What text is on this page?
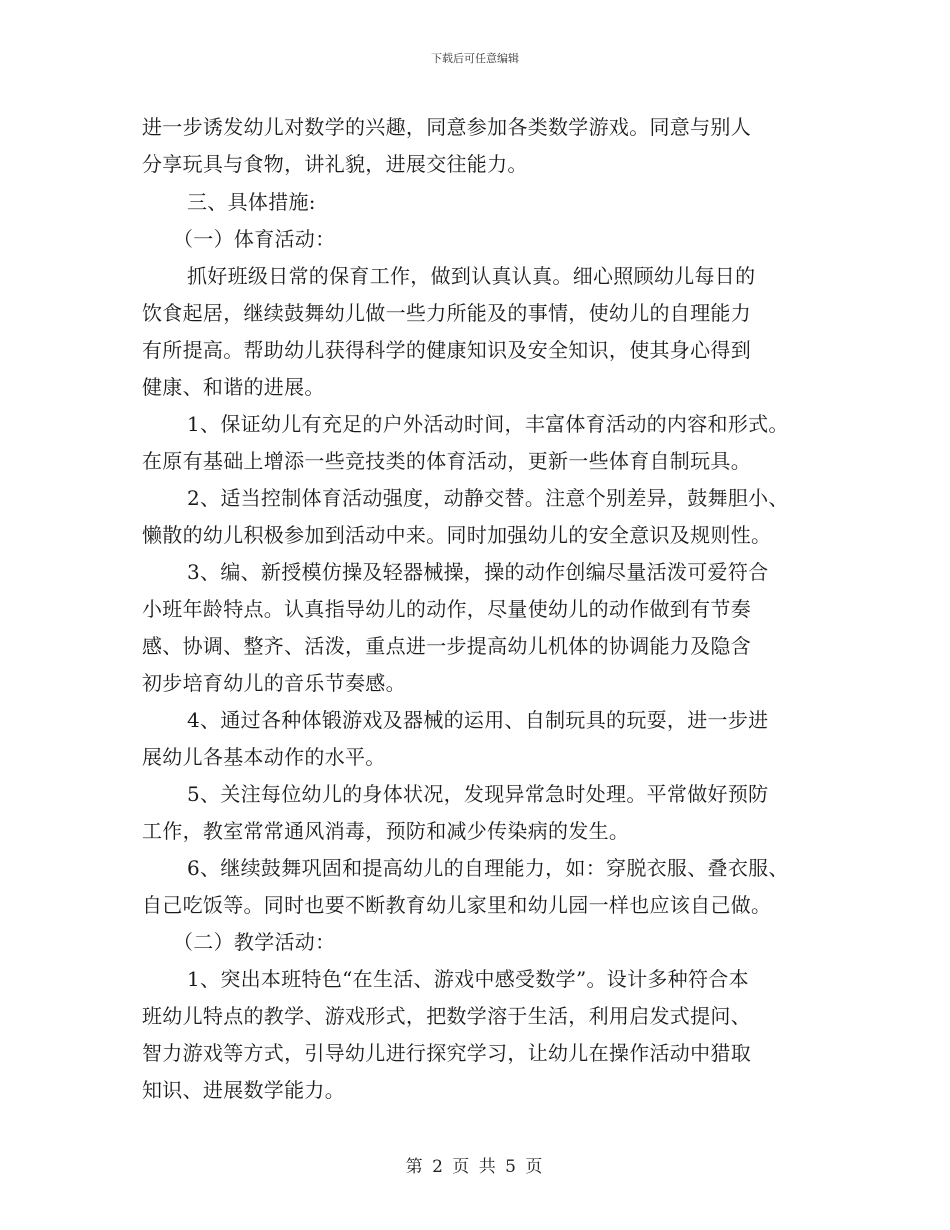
下载后可任意编辑
进一步诱发幼儿对数学的兴趣，同意参加各类数学游戏。同意与别人
分享玩具与食物，讲礼貌，进展交往能力。
三、具体措施:
（一）体育活动：
抓好班级日常的保育工作，做到认真认真。细心照顾幼儿每日的
饮食起居，继续鼓舞幼儿做一些力所能及的事情，使幼儿的自理能力
有所提高。帮助幼儿获得科学的健康知识及安全知识，使其身心得到
健康、和谐的进展。
1、保证幼儿有充足的户外活动时间，丰富体育活动的内容和形式。
在原有基础上增添一些竞技类的体育活动，更新一些体育自制玩具。
2、适当控制体育活动强度，动静交替。注意个别差异，鼓舞胆小、
懒散的幼儿积极参加到活动中来。同时加强幼儿的安全意识及规则性。
3、编、新授模仿操及轻器械操，操的动作创编尽量活泼可爱符合
小班年龄特点。认真指导幼儿的动作，尽量使幼儿的动作做到有节奏
感、协调、整齐、活泼，重点进一步提高幼儿机体的协调能力及隐含
初步培育幼儿的音乐节奏感。
4、通过各种体锻游戏及器械的运用、自制玩具的玩耍，进一步进
展幼儿各基本动作的水平。
5、关注每位幼儿的身体状况，发现异常急时处理。平常做好预防
工作，教室常常通风消毒，预防和减少传染病的发生。
6、继续鼓舞巩固和提高幼儿的自理能力，如：穿脱衣服、叠衣服、
自己吃饭等。同时也要不断教育幼儿家里和幼儿园一样也应该自己做。
（二）教学活动：
1、突出本班特色“在生活、游戏中感受数学”。设计多种符合本
班幼儿特点的教学、游戏形式，把数学溶于生活，利用启发式提问、
智力游戏等方式，引导幼儿进行探究学习，让幼儿在操作活动中猎取
知识、进展数学能力。
第 2 页 共 5 页
